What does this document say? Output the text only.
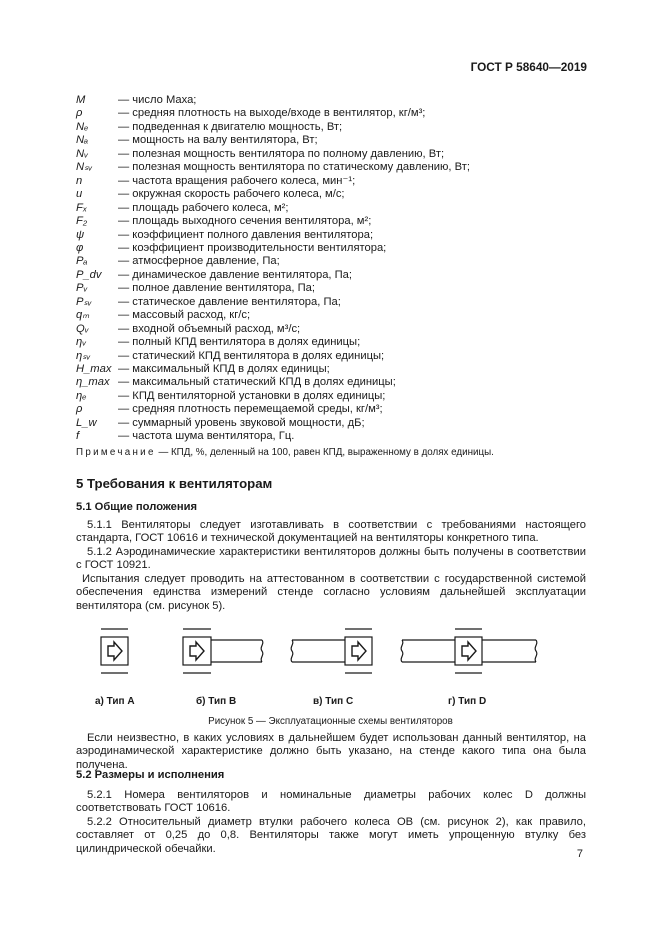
ГОСТ Р 58640—2019
M	— число Маха;
ρ	— средняя плотность на выходе/входе в вентилятор, кг/м³;
Nₑ	— подведенная к двигателю мощность, Вт;
Nₐ	— мощность на валу вентилятора, Вт;
Nᵥ	— полезная мощность вентилятора по полному давлению, Вт;
Nₛᵥ — полезная мощность вентилятора по статическому давлению, Вт;
n	— частота вращения рабочего колеса, мин⁻¹;
u	— окружная скорость рабочего колеса, м/с;
Fₓ	— площадь рабочего колеса, м²;
F₂	— площадь выходного сечения вентилятора, м²;
ψ	— коэффициент полного давления вентилятора;
φ	— коэффициент производительности вентилятора;
Pₐ	— атмосферное давление, Па;
P_dv — динамическое давление вентилятора, Па;
Pᵥ	— полное давление вентилятора, Па;
Pₛᵥ — статическое давление вентилятора, Па;
qₘ	— массовый расход, кг/с;
Qᵥ	— входной объемный расход, м³/с;
ηᵥ	— полный КПД вентилятора в долях единицы;
ηₛᵥ — статический КПД вентилятора в долях единицы;
H_max — максимальный КПД в долях единицы;
η_max — максимальный статический КПД в долях единицы;
ηₑ	— КПД вентиляторной установки в долях единицы;
ρ	— средняя плотность перемещаемой среды, кг/м³;
L_w — суммарный уровень звуковой мощности, дБ;
f	— частота шума вентилятора, Гц.
Примечание — КПД, %, деленный на 100, равен КПД, выраженному в долях единицы.
5 Требования к вентиляторам
5.1 Общие положения
5.1.1 Вентиляторы следует изготавливать в соответствии с требованиями настоящего стандарта, ГОСТ 10616 и технической документацией на вентиляторы конкретного типа.
5.1.2 Аэродинамические характеристики вентиляторов должны быть получены в соответствии с ГОСТ 10921.
Испытания следует проводить на аттестованном в соответствии с государственной системой обеспечения единства измерений стенде согласно условиям дальнейшей эксплуатации вентилятора (см. рисунок 5).
а) Тип A	б) Тип B	в) Тип C	г) Тип D
Рисунок 5 — Эксплуатационные схемы вентиляторов
Если неизвестно, в каких условиях в дальнейшем будет использован данный вентилятор, на аэродинамической характеристике должно быть указано, на стенде какого типа она была получена.
5.2 Размеры и исполнения
5.2.1 Номера вентиляторов и номинальные диаметры рабочих колес D должны соответствовать ГОСТ 10616.
5.2.2 Относительный диаметр втулки рабочего колеса ОВ (см. рисунок 2), как правило, составляет от 0,25 до 0,8. Вентиляторы также могут иметь упрощенную втулку без цилиндрической обечайки.	7
